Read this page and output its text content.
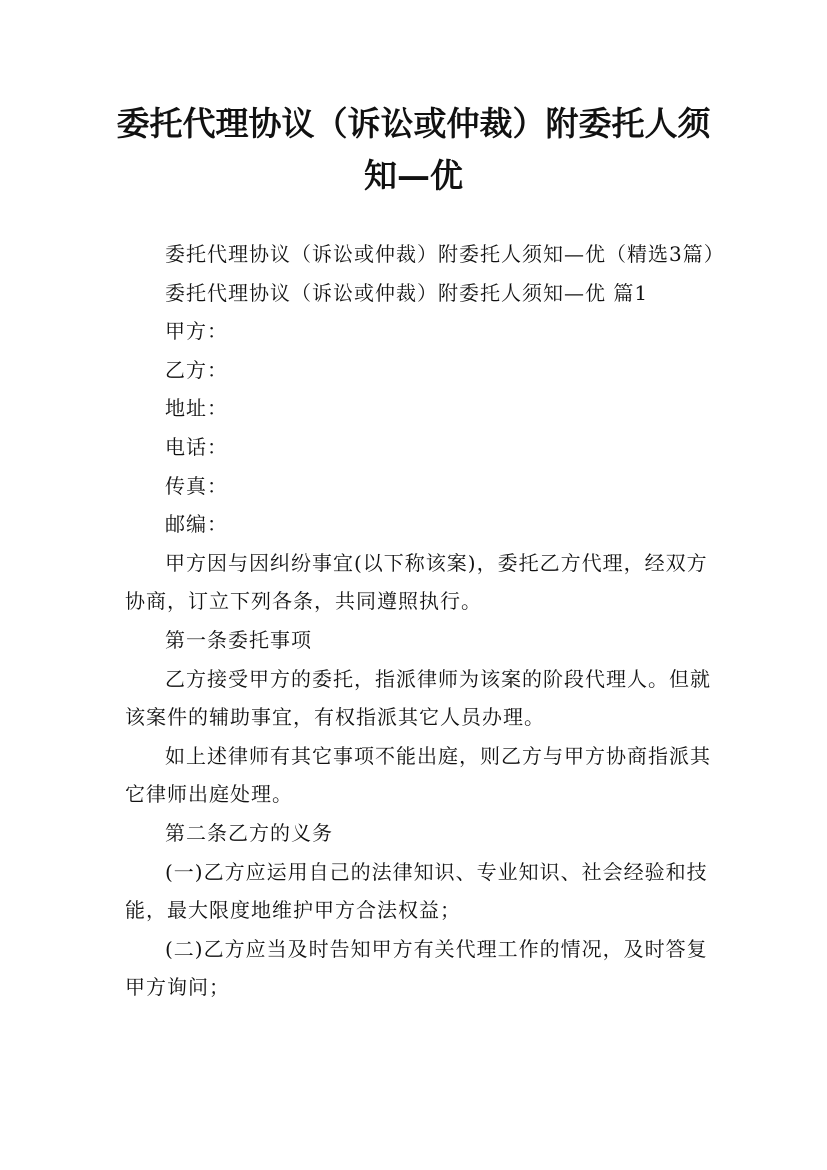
委托代理协议（诉讼或仲裁）附委托人须知—优

委托代理协议（诉讼或仲裁）附委托人须知—优（精选3篇）

委托代理协议（诉讼或仲裁）附委托人须知—优 篇1

甲方：

乙方：

地址：

电话：

传真：

邮编：

甲方因与因纠纷事宜(以下称该案)，委托乙方代理，经双方协商，订立下列各条，共同遵照执行。

第一条委托事项

乙方接受甲方的委托，指派律师为该案的阶段代理人。但就该案件的辅助事宜，有权指派其它人员办理。

如上述律师有其它事项不能出庭，则乙方与甲方协商指派其它律师出庭处理。

第二条乙方的义务

(一)乙方应运用自己的法律知识、专业知识、社会经验和技能，最大限度地维护甲方合法权益；

(二)乙方应当及时告知甲方有关代理工作的情况，及时答复甲方询问；
